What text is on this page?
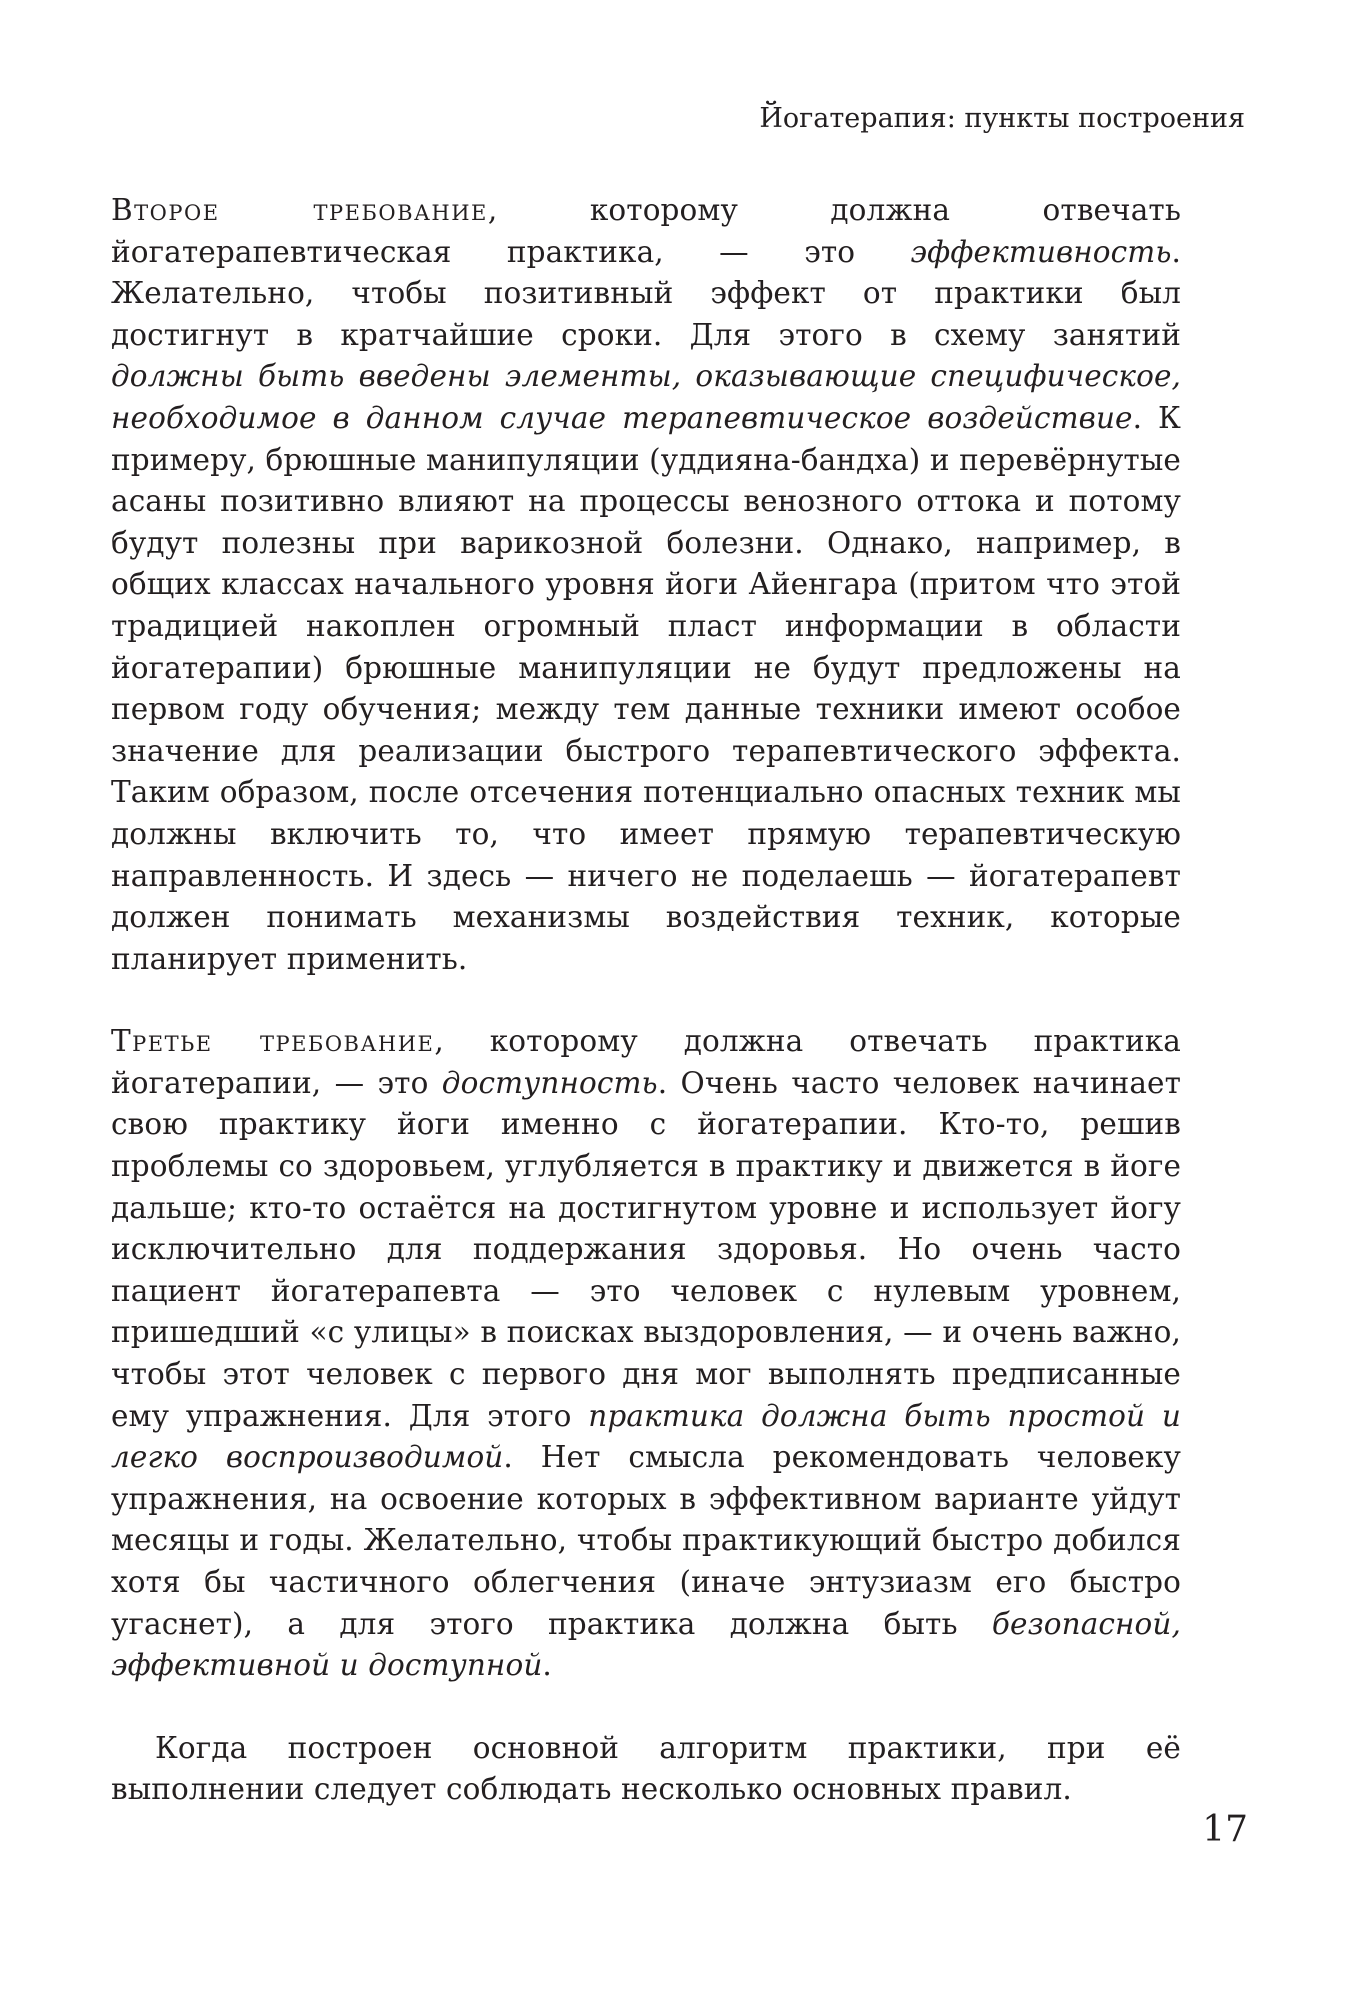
Йогатерапия: пункты построения

Второе требование, которому должна отвечать йогатерапевтическая практика, — это эффективность. Желательно, чтобы позитивный эффект от практики был достигнут в кратчайшие сроки. Для этого в схему занятий должны быть введены элементы, оказывающие специфическое, необходимое в данном случае терапевтическое воздействие. К примеру, брюшные манипуляции (уддияна-бандха) и перевёрнутые асаны позитивно влияют на процессы венозного оттока и потому будут полезны при варикозной болезни. Однако, например, в общих классах начального уровня йоги Айенгара (притом что этой традицией накоплен огромный пласт информации в области йогатерапии) брюшные манипуляции не будут предложены на первом году обучения; между тем данные техники имеют особое значение для реализации быстрого терапевтического эффекта. Таким образом, после отсечения потенциально опасных техник мы должны включить то, что имеет прямую терапевтическую направленность. И здесь — ничего не поделаешь — йогатерапевт должен понимать механизмы воздействия техник, которые планирует применить.

Третье требование, которому должна отвечать практика йогатерапии, — это доступность. Очень часто человек начинает свою практику йоги именно с йогатерапии. Кто-то, решив проблемы со здоровьем, углубляется в практику и движется в йоге дальше; кто-то остаётся на достигнутом уровне и использует йогу исключительно для поддержания здоровья. Но очень часто пациент йогатерапевта — это человек с нулевым уровнем, пришедший «с улицы» в поисках выздоровления, — и очень важно, чтобы этот человек с первого дня мог выполнять предписанные ему упражнения. Для этого практика должна быть простой и легко воспроизводимой. Нет смысла рекомендовать человеку упражнения, на освоение которых в эффективном варианте уйдут месяцы и годы. Желательно, чтобы практикующий быстро добился хотя бы частичного облегчения (иначе энтузиазм его быстро угаснет), а для этого практика должна быть безопасной, эффективной и доступной.

Когда построен основной алгоритм практики, при её выполнении следует соблюдать несколько основных правил.

17
